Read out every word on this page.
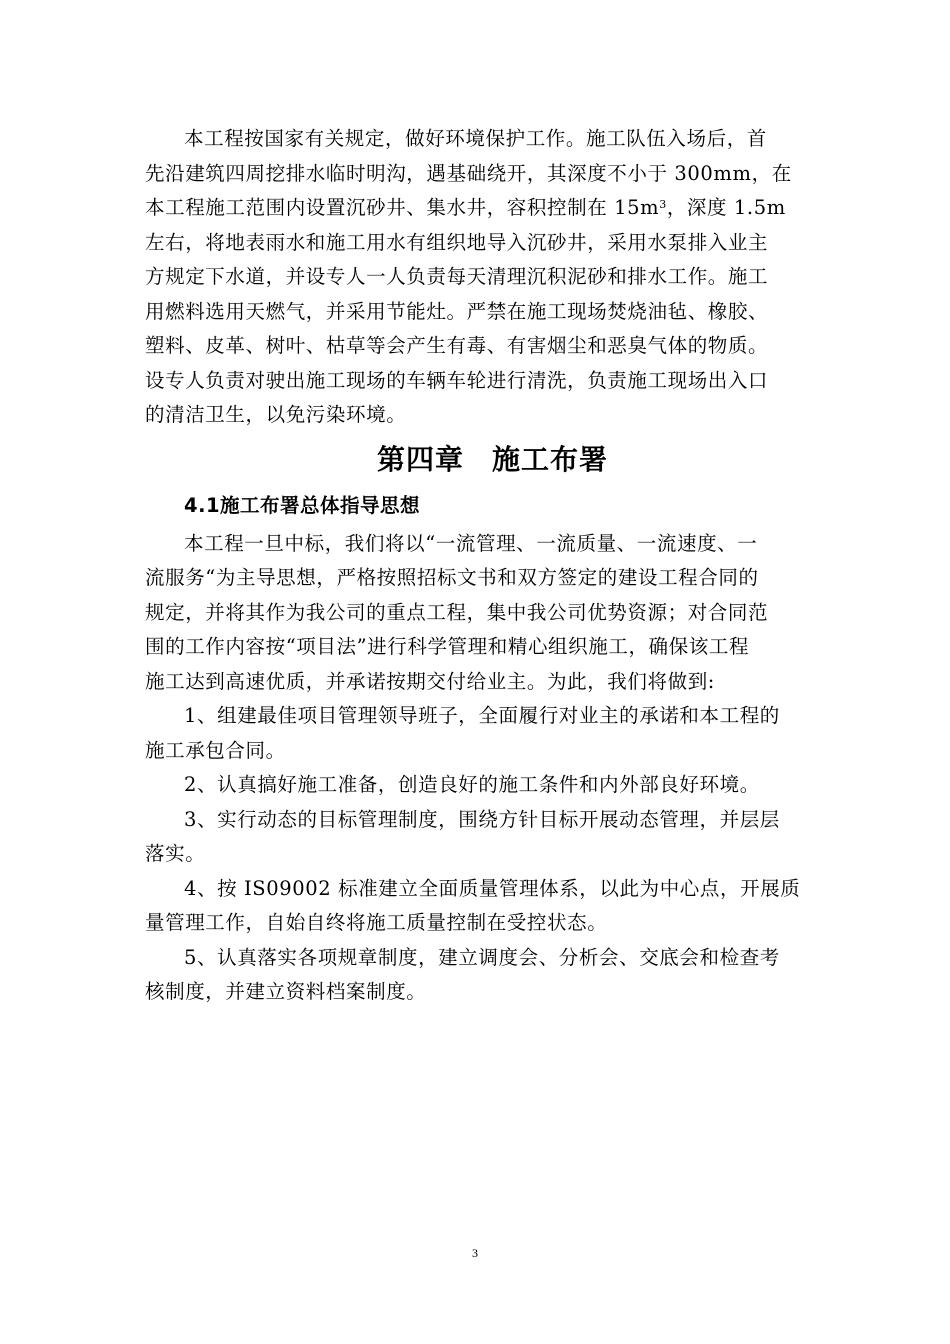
本工程按国家有关规定，做好环境保护工作。施工队伍入场后，首
先沿建筑四周挖排水临时明沟，遇基础绕开，其深度不小于 300mm，在
本工程施工范围内设置沉砂井、集水井，容积控制在 $15m^3$，深度 1.5m
左右，将地表雨水和施工用水有组织地导入沉砂井，采用水泵排入业主
方规定下水道，并设专人一人负责每天清理沉积泥砂和排水工作。施工
用燃料选用天燃气，并采用节能灶。严禁在施工现场焚烧油毡、橡胶、
塑料、皮革、树叶、枯草等会产生有毒、有害烟尘和恶臭气体的物质。
设专人负责对驶出施工现场的车辆车轮进行清洗，负责施工现场出入口
的清洁卫生，以免污染环境。
第四章 施工布署
4.1施工布署总体指导思想
本工程一旦中标，我们将以“一流管理、一流质量、一流速度、一
流服务“为主导思想，严格按照招标文书和双方签定的建设工程合同的
规定，并将其作为我公司的重点工程，集中我公司优势资源；对合同范
围的工作内容按“项目法”进行科学管理和精心组织施工，确保该工程
施工达到高速优质，并承诺按期交付给业主。为此，我们将做到:
1、组建最佳项目管理领导班子，全面履行对业主的承诺和本工程的
施工承包合同。
2、认真搞好施工准备，创造良好的施工条件和内外部良好环境。
3、实行动态的目标管理制度，围绕方针目标开展动态管理，并层层
落实。
4、按 IS09002 标准建立全面质量管理体系，以此为中心点，开展质
量管理工作，自始自终将施工质量控制在受控状态。
5、认真落实各项规章制度，建立调度会、分析会、交底会和检查考
核制度，并建立资料档案制度。
3
